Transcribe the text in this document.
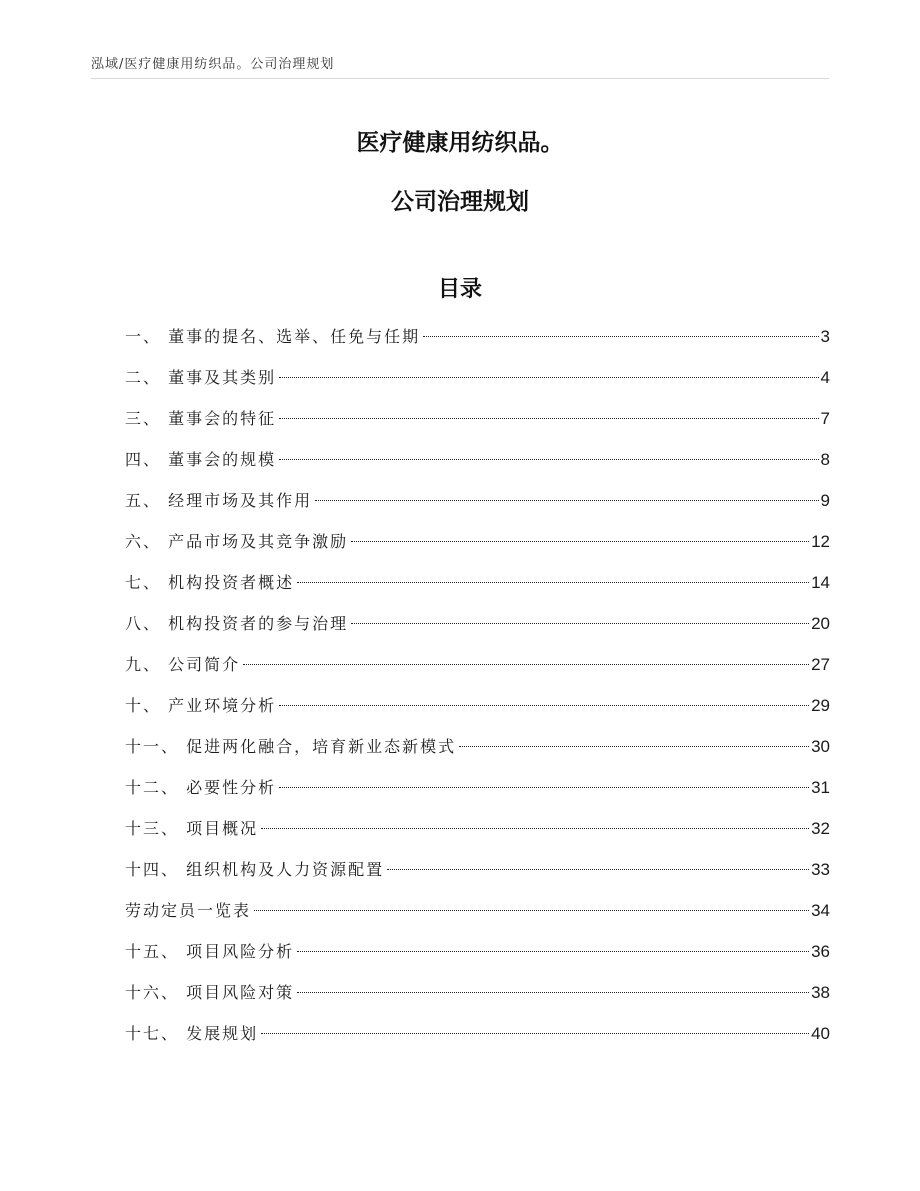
泓域/医疗健康用纺织品。公司治理规划
医疗健康用纺织品。
公司治理规划
目录
一、 董事的提名、选举、任免与任期	3
二、 董事及其类别	4
三、 董事会的特征	7
四、 董事会的规模	8
五、 经理市场及其作用	9
六、 产品市场及其竞争激励	12
七、 机构投资者概述	14
八、 机构投资者的参与治理	20
九、 公司简介	27
十、 产业环境分析	29
十一、 促进两化融合，培育新业态新模式	30
十二、 必要性分析	31
十三、 项目概况	32
十四、 组织机构及人力资源配置	33
劳动定员一览表	34
十五、 项目风险分析	36
十六、 项目风险对策	38
十七、 发展规划	40
